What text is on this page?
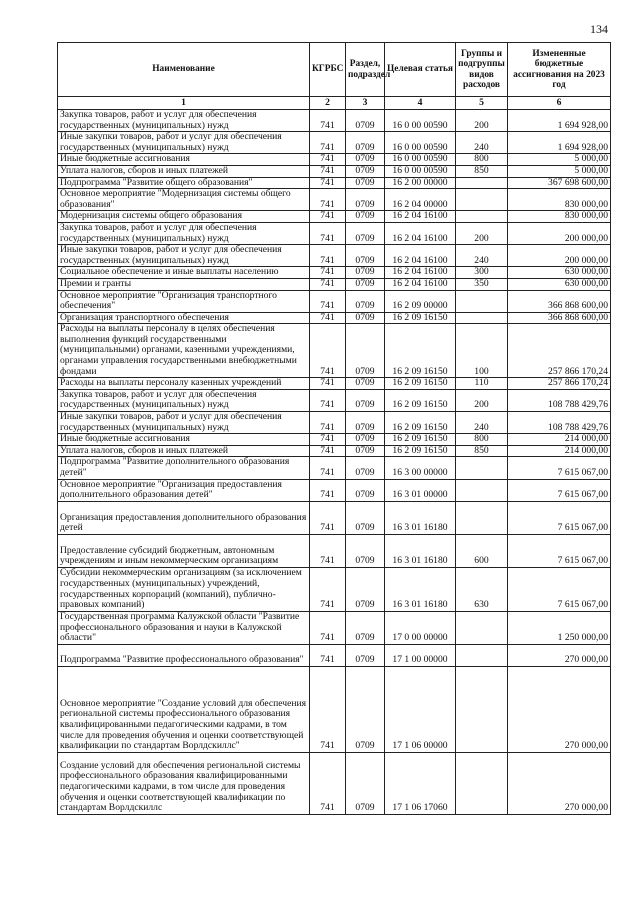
134
Наименование	КГРБС	Раздел, подраздел	Целевая статья	Группы и подгруппы видов расходов	Измененные бюджетные ассигнования на 2023 год
1	2	3	4	5	6
Закупка товаров, работ и услуг для обеспечения государственных (муниципальных) нужд	741	0709	16 0 00 00590	200	1 694 928,00
Иные закупки товаров, работ и услуг для обеспечения государственных (муниципальных) нужд	741	0709	16 0 00 00590	240	1 694 928,00
Иные бюджетные ассигнования	741	0709	16 0 00 00590	800	5 000,00
Уплата налогов, сборов и иных платежей	741	0709	16 0 00 00590	850	5 000,00
Подпрограмма "Развитие общего образования"	741	0709	16 2 00 00000		367 698 600,00
Основное мероприятие "Модернизация системы общего образования"	741	0709	16 2 04 00000		830 000,00
Модернизация системы общего образования	741	0709	16 2 04 16100		830 000,00
Закупка товаров, работ и услуг для обеспечения государственных (муниципальных) нужд	741	0709	16 2 04 16100	200	200 000,00
Иные закупки товаров, работ и услуг для обеспечения государственных (муниципальных) нужд	741	0709	16 2 04 16100	240	200 000,00
Социальное обеспечение и иные выплаты населению	741	0709	16 2 04 16100	300	630 000,00
Премии и гранты	741	0709	16 2 04 16100	350	630 000,00
Основное мероприятие "Организация транспортного обеспечения"	741	0709	16 2 09 00000		366 868 600,00
Организация транспортного обеспечения	741	0709	16 2 09 16150		366 868 600,00
Расходы на выплаты персоналу в целях обеспечения выполнения функций государственными (муниципальными) органами, казенными учреждениями, органами управления государственными внебюджетными фондами	741	0709	16 2 09 16150	100	257 866 170,24
Расходы на выплаты персоналу казенных учреждений	741	0709	16 2 09 16150	110	257 866 170,24
Закупка товаров, работ и услуг для обеспечения государственных (муниципальных) нужд	741	0709	16 2 09 16150	200	108 788 429,76
Иные закупки товаров, работ и услуг для обеспечения государственных (муниципальных) нужд	741	0709	16 2 09 16150	240	108 788 429,76
Иные бюджетные ассигнования	741	0709	16 2 09 16150	800	214 000,00
Уплата налогов, сборов и иных платежей	741	0709	16 2 09 16150	850	214 000,00
Подпрограмма "Развитие дополнительного образования детей"	741	0709	16 3 00 00000		7 615 067,00
Основное мероприятие "Организация предоставления дополнительного образования детей"	741	0709	16 3 01 00000		7 615 067,00
Организация предоставления дополнительного образования детей	741	0709	16 3 01 16180		7 615 067,00
Предоставление субсидий бюджетным, автономным учреждениям и иным некоммерческим организациям	741	0709	16 3 01 16180	600	7 615 067,00
Субсидии некоммерческим организациям (за исключением государственных (муниципальных) учреждений, государственных корпораций (компаний), публично-правовых компаний)	741	0709	16 3 01 16180	630	7 615 067,00
Государственная программа Калужской области "Развитие профессионального образования и науки в Калужской области"	741	0709	17 0 00 00000		1 250 000,00
Подпрограмма "Развитие профессионального образования"	741	0709	17 1 00 00000		270 000,00
Основное мероприятие "Создание условий для обеспечения региональной системы профессионального образования квалифицированными педагогическими кадрами, в том числе для проведения обучения и оценки соответствующей квалификации по стандартам Ворлдскиллс"	741	0709	17 1 06 00000		270 000,00
Создание условий для обеспечения региональной системы профессионального образования квалифицированными педагогическими кадрами, в том числе для проведения обучения и оценки соответствующей квалификации по стандартам Ворлдскиллс	741	0709	17 1 06 17060		270 000,00
